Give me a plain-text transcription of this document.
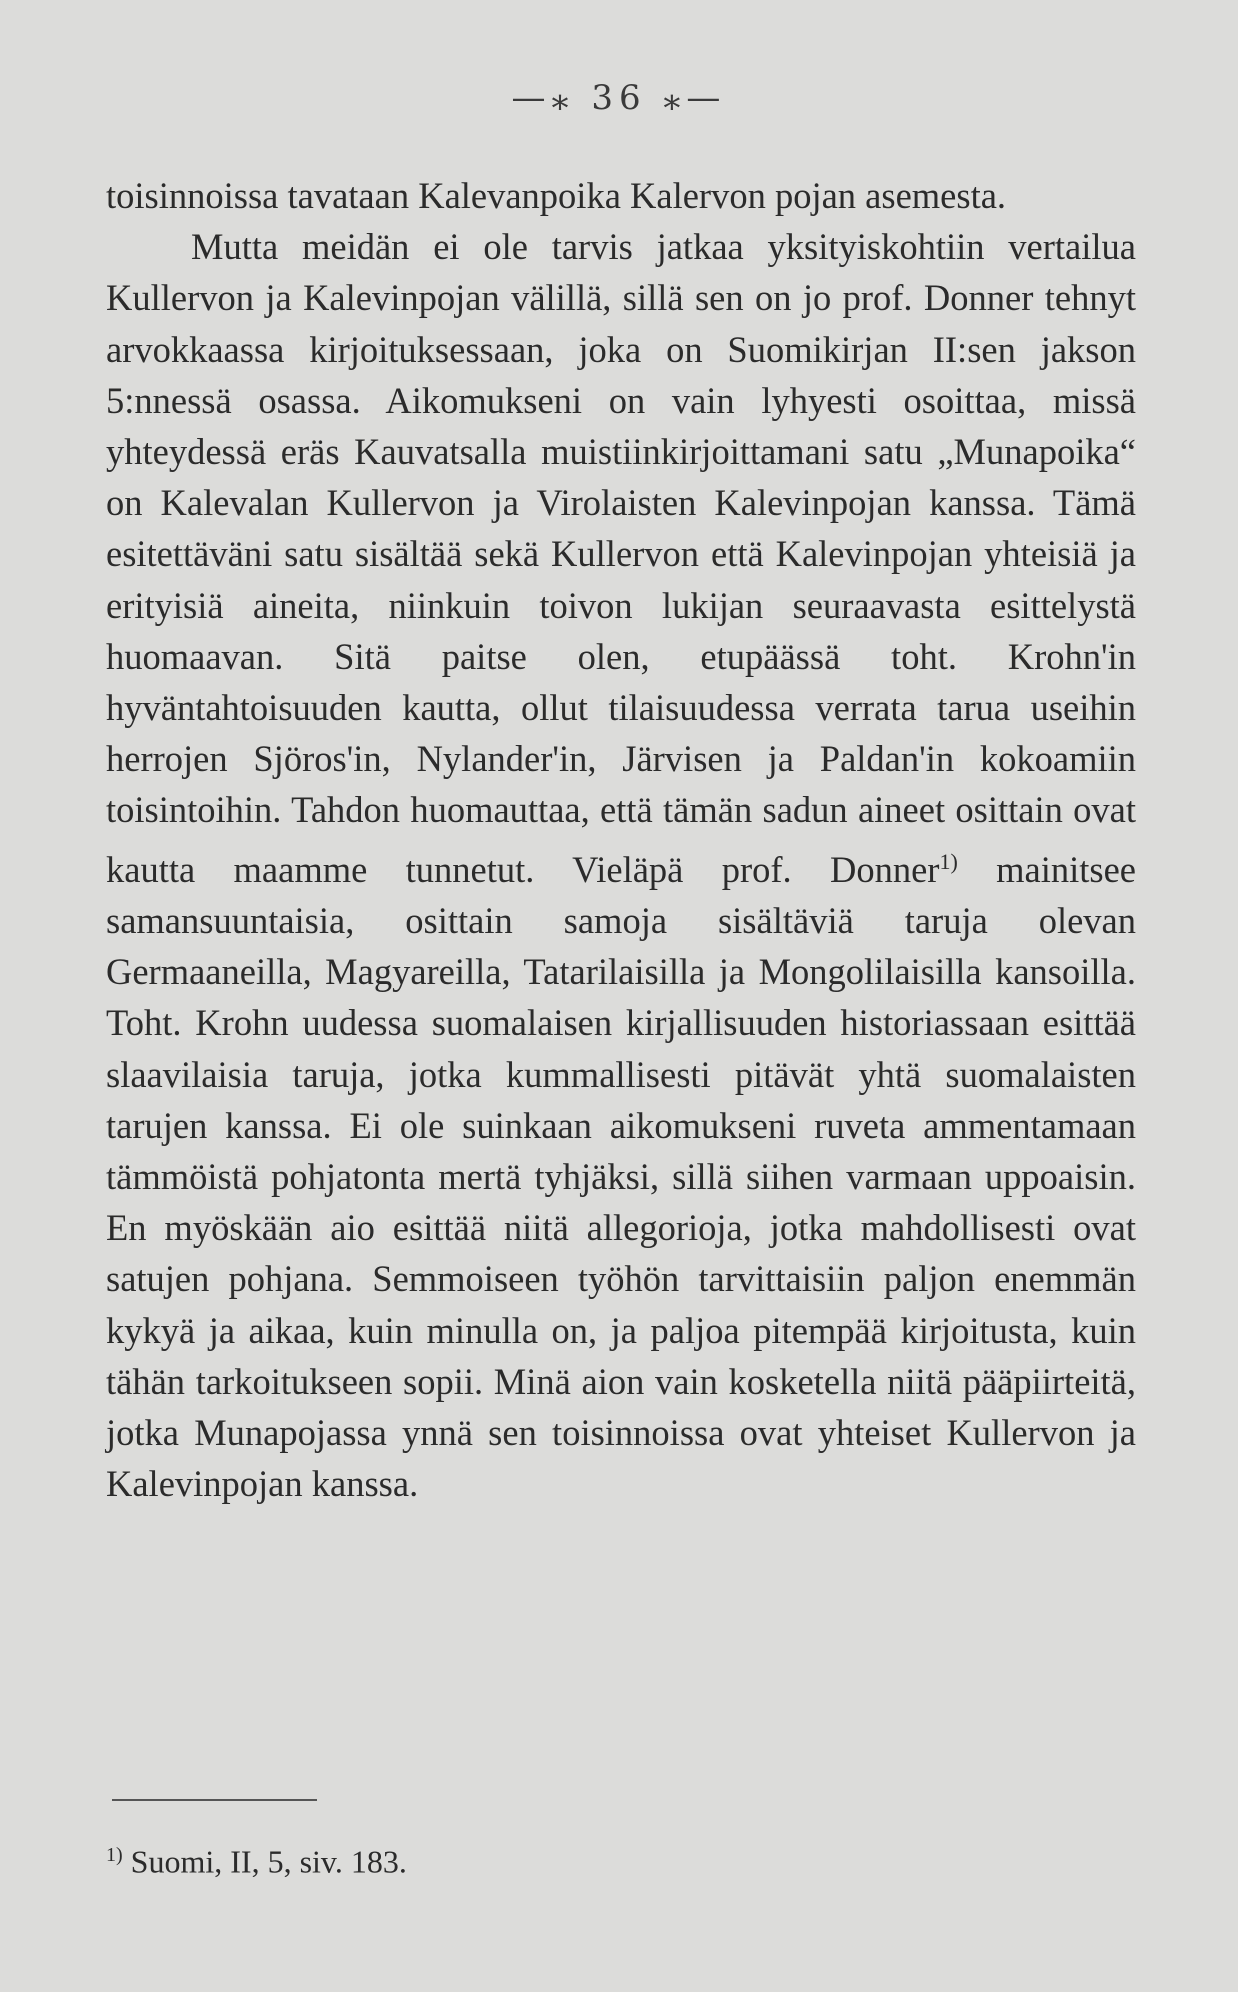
—⁎ 36 ⁎—

toisinnoissa tavataan Kalevanpoika Kalervon pojan asemesta.

Mutta meidän ei ole tarvis jatkaa yksityiskohtiin vertailua Kullervon ja Kalevinpojan välillä, sillä sen on jo prof. Donner tehnyt arvokkaassa kirjoituksessaan, joka on Suomikirjan II:sen jakson 5:nnessä osassa. Aikomukseni on vain lyhyesti osoittaa, missä yhteydessä eräs Kauvatsalla muistiinkirjoittamani satu „Munapoika“ on Kalevalan Kullervon ja Virolaisten Kalevinpojan kanssa. Tämä esitettäväni satu sisältää sekä Kullervon että Kalevinpojan yhteisiä ja erityisiä aineita, niinkuin toivon lukijan seuraavasta esittelystä huomaavan. Sitä paitse olen, etupäässä toht. Krohn'in hyväntahtoisuuden kautta, ollut tilaisuudessa verrata tarua useihin herrojen Sjöros'in, Nylander'in, Järvisen ja Paldan'in kokoamiin toisintoihin. Tahdon huomauttaa, että tämän sadun aineet osittain ovat kautta maamme tunnetut. Vieläpä prof. Donner$^{1)}$ mainitsee samansuuntaisia, osittain samoja sisältäviä taruja olevan Germaaneilla, Magyareilla, Tatarilaisilla ja Mongolilaisilla kansoilla. Toht. Krohn uudessa suomalaisen kirjallisuuden historiassaan esittää slaavilaisia taruja, jotka kummallisesti pitävät yhtä suomalaisten tarujen kanssa. Ei ole suinkaan aikomukseni ruveta ammentamaan tämmöistä pohjatonta mertä tyhjäksi, sillä siihen varmaan uppoaisin. En myöskään aio esittää niitä allegorioja, jotka mahdollisesti ovat satujen pohjana. Semmoiseen työhön tarvittaisiin paljon enemmän kykyä ja aikaa, kuin minulla on, ja paljoa pitempää kirjoitusta, kuin tähän tarkoitukseen sopii. Minä aion vain kosketella niitä pääpiirteitä, jotka Munapojassa ynnä sen toisinnoissa ovat yhteiset Kullervon ja Kalevinpojan kanssa.

$^{1)}$ Suomi, II, 5, siv. 183.
